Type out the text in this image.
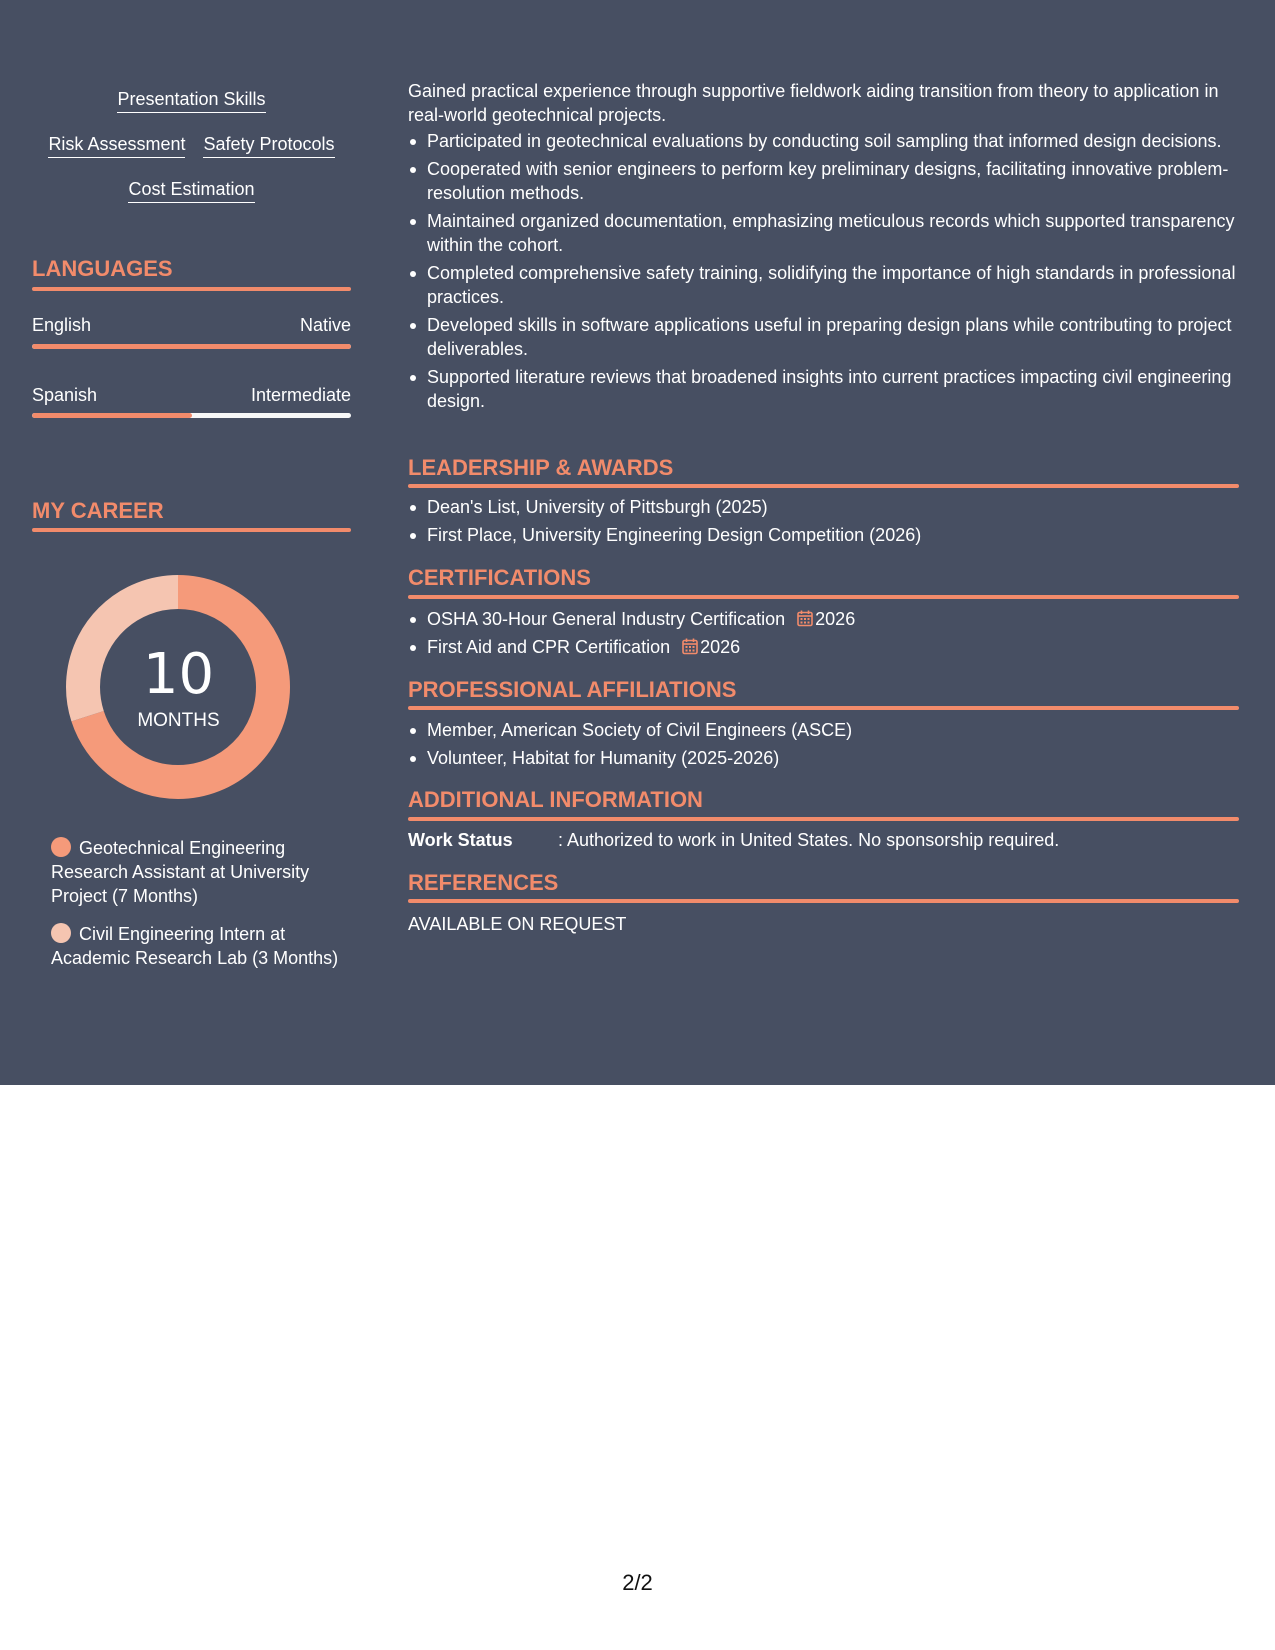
Presentation Skills
Risk Assessment Safety Protocols
Cost Estimation
LANGUAGES
English	Native
Spanish	Intermediate
MY CAREER
10
MONTHS
Geotechnical Engineering Research Assistant at University Project (7 Months)
Civil Engineering Intern at Academic Research Lab (3 Months)
Gained practical experience through supportive fieldwork aiding transition from theory to application in real-world geotechnical projects.
Participated in geotechnical evaluations by conducting soil sampling that informed design decisions.
Cooperated with senior engineers to perform key preliminary designs, facilitating innovative problem-resolution methods.
Maintained organized documentation, emphasizing meticulous records which supported transparency within the cohort.
Completed comprehensive safety training, solidifying the importance of high standards in professional practices.
Developed skills in software applications useful in preparing design plans while contributing to project deliverables.
Supported literature reviews that broadened insights into current practices impacting civil engineering design.
LEADERSHIP & AWARDS
Dean's List, University of Pittsburgh (2025)
First Place, University Engineering Design Competition (2026)
CERTIFICATIONS
OSHA 30-Hour General Industry Certification 2026
First Aid and CPR Certification 2026
PROFESSIONAL AFFILIATIONS
Member, American Society of Civil Engineers (ASCE)
Volunteer, Habitat for Humanity (2025-2026)
ADDITIONAL INFORMATION
Work Status	: Authorized to work in United States. No sponsorship required.
REFERENCES
AVAILABLE ON REQUEST
2/2
